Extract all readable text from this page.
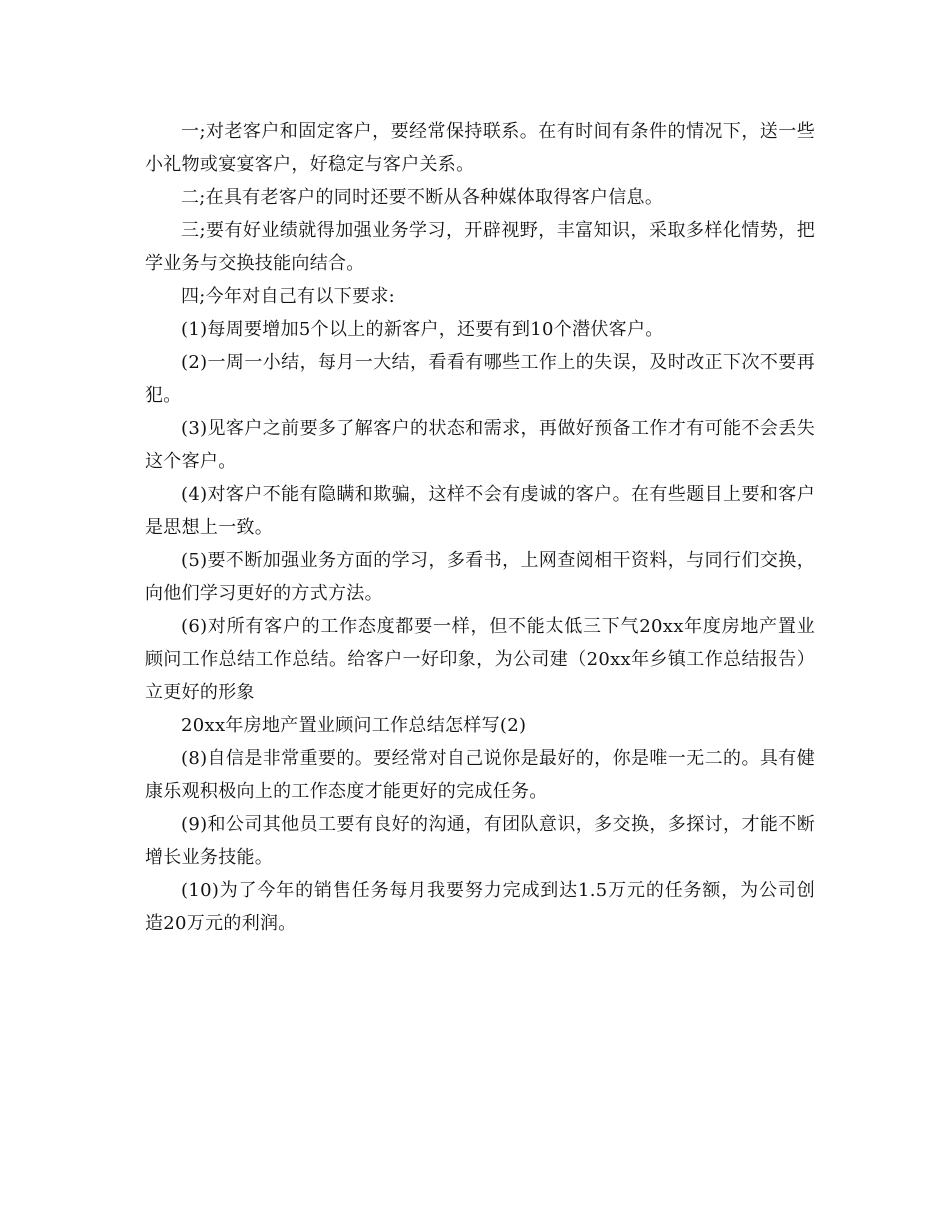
一;对老客户和固定客户，要经常保持联系。在有时间有条件的情况下，送一些小礼物或宴宴客户，好稳定与客户关系。

二;在具有老客户的同时还要不断从各种媒体取得客户信息。

三;要有好业绩就得加强业务学习，开辟视野，丰富知识，采取多样化情势，把学业务与交换技能向结合。

四;今年对自己有以下要求:

(1)每周要增加5个以上的新客户，还要有到10个潜伏客户。

(2)一周一小结，每月一大结，看看有哪些工作上的失误，及时改正下次不要再犯。

(3)见客户之前要多了解客户的状态和需求，再做好预备工作才有可能不会丢失这个客户。

(4)对客户不能有隐瞒和欺骗，这样不会有虔诚的客户。在有些题目上要和客户是思想上一致。

(5)要不断加强业务方面的学习，多看书，上网查阅相干资料，与同行们交换，向他们学习更好的方式方法。

(6)对所有客户的工作态度都要一样，但不能太低三下气20xx年度房地产置业顾问工作总结工作总结。给客户一好印象，为公司建（20xx年乡镇工作总结报告）立更好的形象

20xx年房地产置业顾问工作总结怎样写(2)

(8)自信是非常重要的。要经常对自己说你是最好的，你是唯一无二的。具有健康乐观积极向上的工作态度才能更好的完成任务。

(9)和公司其他员工要有良好的沟通，有团队意识，多交换，多探讨，才能不断增长业务技能。

(10)为了今年的销售任务每月我要努力完成到达1.5万元的任务额，为公司创造20万元的利润。
